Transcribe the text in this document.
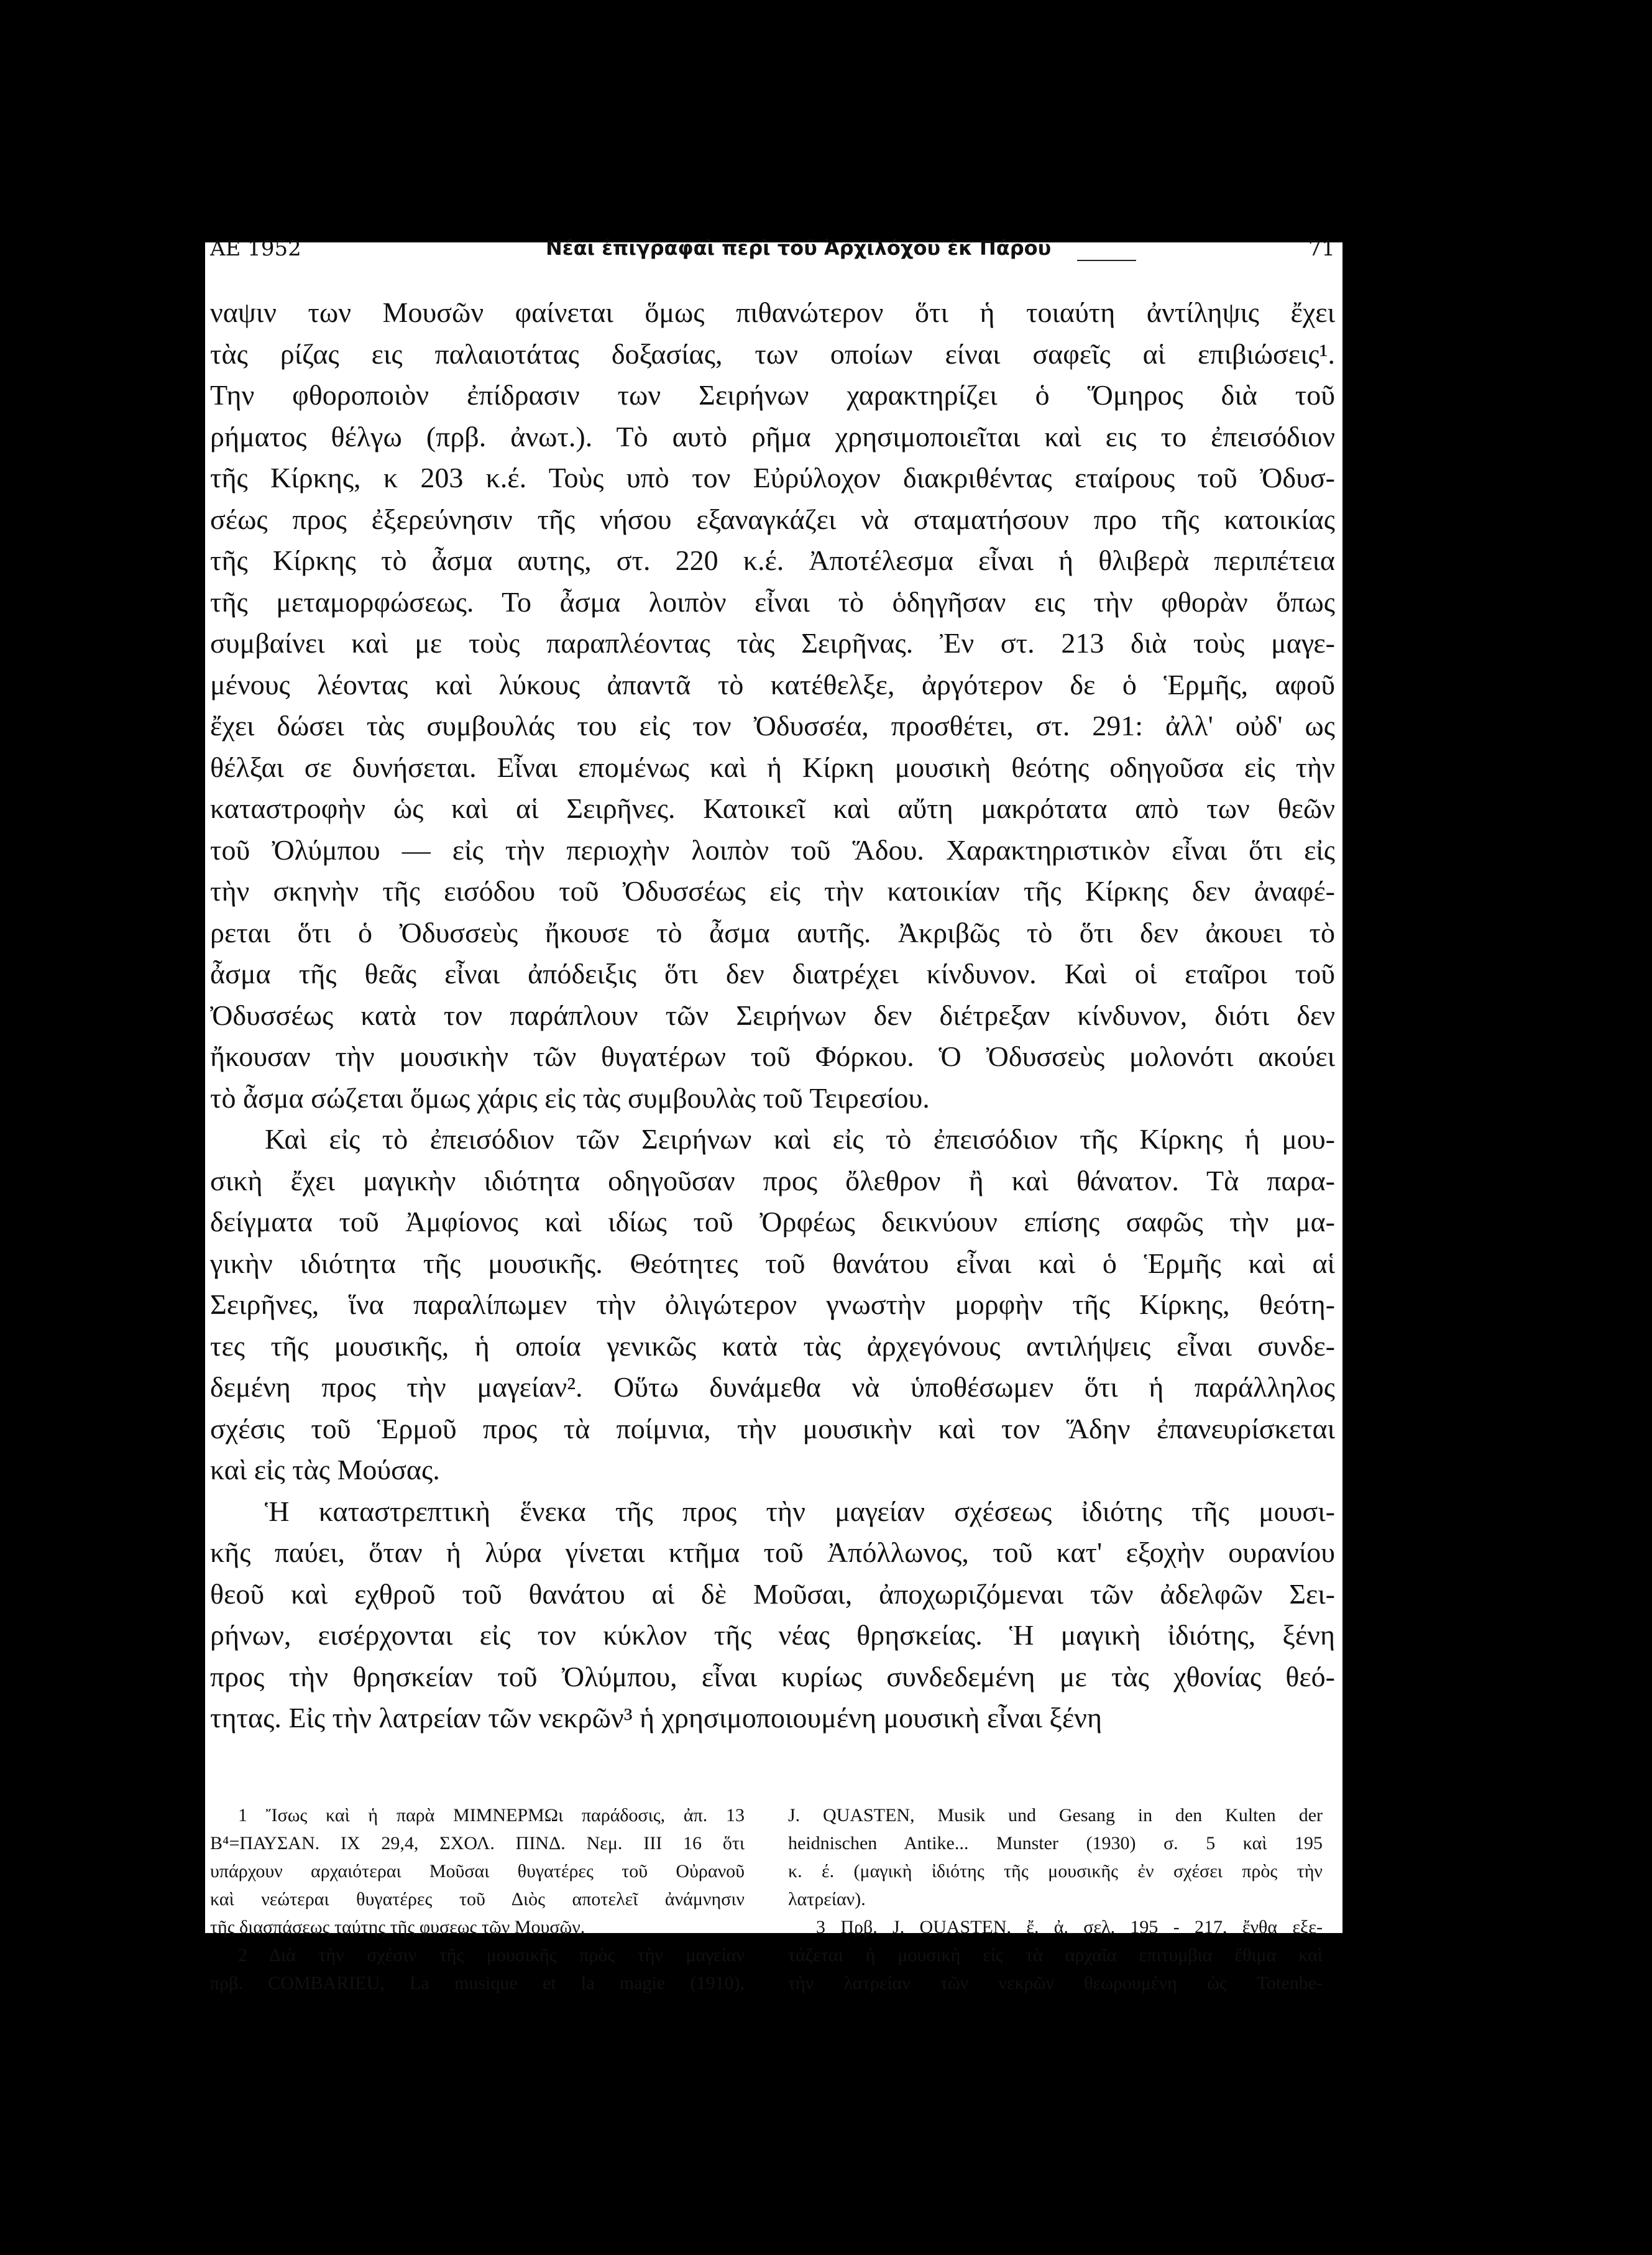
ΑΕ 1952	Νέαι ἐπιγραφαὶ περὶ τοῦ Ἀρχιλόχου ἐκ Πάρου	71
ναψιν των Μουσῶν φαίνεται ὅμως πιθανώτερον ὅτι ἡ τοιαύτη ἀντίληψις ἔχει
τὰς ρίζας εις παλαιοτάτας δοξασίας, των οποίων είναι σαφεῖς αἱ επιβιώσεις¹.
Την φθοροποιὸν ἐπίδρασιν των Σειρήνων χαρακτηρίζει ὁ Ὅμηρος διὰ τοῦ
ρήματος θέλγω (πρβ. ἀνωτ.). Τὸ αυτὸ ρῆμα χρησιμοποιεῖται καὶ εις το ἐπεισόδιον
τῆς Κίρκης, κ 203 κ.έ. Τοὺς υπὸ τον Εὐρύλοχον διακριθέντας εταίρους τοῦ Ὀδυσ-
σέως προς ἐξερεύνησιν τῆς νήσου εξαναγκάζει νὰ σταματήσουν προ τῆς κατοικίας
τῆς Κίρκης τὸ ἆσμα αυτης, στ. 220 κ.έ. Ἀποτέλεσμα εἶναι ἡ θλιβερὰ περιπέτεια
τῆς μεταμορφώσεως. Το ἆσμα λοιπὸν εἶναι τὸ ὁδηγῆσαν εις τὴν φθορὰν ὅπως
συμβαίνει καὶ με τοὺς παραπλέοντας τὰς Σειρῆνας. Ἐν στ. 213 διὰ τοὺς μαγε-
μένους λέοντας καὶ λύκους ἀπαντᾶ τὸ κατέθελξε, ἀργότερον δε ὁ Ἑρμῆς, αφοῦ
ἔχει δώσει τὰς συμβουλάς του εἰς τον Ὀδυσσέα, προσθέτει, στ. 291: ἀλλ' οὐδ' ως
θέλξαι σε δυνήσεται. Εἶναι επομένως καὶ ἡ Κίρκη μουσικὴ θεότης οδηγοῦσα εἰς τὴν
καταστροφὴν ὡς καὶ αἱ Σειρῆνες. Κατοικεῖ καὶ αὔτη μακρότατα απὸ των θεῶν
τοῦ Ὀλύμπου — εἰς τὴν περιοχὴν λοιπὸν τοῦ Ἅδου. Χαρακτηριστικὸν εἶναι ὅτι εἰς
τὴν σκηνὴν τῆς εισόδου τοῦ Ὀδυσσέως εἰς τὴν κατοικίαν τῆς Κίρκης δεν ἀναφέ-
ρεται ὅτι ὁ Ὀδυσσεὺς ἤκουσε τὸ ἆσμα αυτῆς. Ἀκριβῶς τὸ ὅτι δεν ἀκουει τὸ
ἆσμα τῆς θεᾶς εἶναι ἀπόδειξις ὅτι δεν διατρέχει κίνδυνον. Καὶ οἱ εταῖροι τοῦ
Ὀδυσσέως κατὰ τον παράπλουν τῶν Σειρήνων δεν διέτρεξαν κίνδυνον, διότι δεν
ἤκουσαν τὴν μουσικὴν τῶν θυγατέρων τοῦ Φόρκου. Ὁ Ὀδυσσεὺς μολονότι ακούει
τὸ ἆσμα σώζεται ὅμως χάρις εἰς τὰς συμβουλὰς τοῦ Τειρεσίου.
Καὶ εἰς τὸ ἐπεισόδιον τῶν Σειρήνων καὶ εἰς τὸ ἐπεισόδιον τῆς Κίρκης ἡ μου-
σικὴ ἔχει μαγικὴν ιδιότητα οδηγοῦσαν προς ὄλεθρον ἢ καὶ θάνατον. Τὰ παρα-
δείγματα τοῦ Ἀμφίονος καὶ ιδίως τοῦ Ὀρφέως δεικνύουν επίσης σαφῶς τὴν μα-
γικὴν ιδιότητα τῆς μουσικῆς. Θεότητες τοῦ θανάτου εἶναι καὶ ὁ Ἑρμῆς καὶ αἱ
Σειρῆνες, ἵνα παραλίπωμεν τὴν ὀλιγώτερον γνωστὴν μορφὴν τῆς Κίρκης, θεότη-
τες τῆς μουσικῆς, ἡ οποία γενικῶς κατὰ τὰς ἀρχεγόνους αντιλήψεις εἶναι συνδε-
δεμένη προς τὴν μαγείαν². Οὕτω δυνάμεθα νὰ ὑποθέσωμεν ὅτι ἡ παράλληλος
σχέσις τοῦ Ἑρμοῦ προς τὰ ποίμνια, τὴν μουσικὴν καὶ τον Ἅδην ἐπανευρίσκεται
καὶ εἰς τὰς Μούσας.
Ἡ καταστρεπτικὴ ἕνεκα τῆς προς τὴν μαγείαν σχέσεως ἰδιότης τῆς μουσι-
κῆς παύει, ὅταν ἡ λύρα γίνεται κτῆμα τοῦ Ἀπόλλωνος, τοῦ κατ' εξοχὴν ουρανίου
θεοῦ καὶ εχθροῦ τοῦ θανάτου αἱ δὲ Μοῦσαι, ἀποχωριζόμεναι τῶν ἀδελφῶν Σει-
ρήνων, εισέρχονται εἰς τον κύκλον τῆς νέας θρησκείας. Ἡ μαγικὴ ἰδιότης, ξένη
προς τὴν θρησκείαν τοῦ Ὀλύμπου, εἶναι κυρίως συνδεδεμένη με τὰς χθονίας θεό-
τητας. Εἰς τὴν λατρείαν τῶν νεκρῶν³ ἡ χρησιμοποιουμένη μουσικὴ εἶναι ξένη
1 Ἴσως καὶ ἡ παρὰ ΜΙΜΝΕΡΜΩι παράδοσις, ἀπ. 13
B⁴=ΠΑΥΣΑΝ. IX 29,4, ΣΧΟΛ. ΠΙΝΔ. Νεμ. III 16 ὅτι
υπάρχουν αρχαιότεραι Μοῦσαι θυγατέρες τοῦ Οὐρανοῦ
καὶ νεώτεραι θυγατέρες τοῦ Διὸς αποτελεῖ ἀνάμνησιν
τῆς διασπάσεως ταύτης τῆς φυσεως τῶν Μουσῶν.
2 Διὰ τὴν σχέσιν τῆς μουσικῆς πρὸς τὴν μαγείαν
πρβ. COMBARIEU, La musique et la magie (1910),
J. QUASTEN, Musik und Gesang in den Kulten der
heidnischen Antike... Munster (1930) σ. 5 καὶ 195
κ. έ. (μαγικὴ ἰδιότης τῆς μουσικῆς ἐν σχέσει πρὸς τὴν
λατρείαν).
3 Πρβ. J. QUASTEN, ἔ. ἀ. σελ. 195 - 217, ἔνθα εξε-
τάζεται ἡ μουσικὴ εἰς τὰ αρχαῖα επιτυμβια ἔθιμα καὶ
τὴν λατρείαν τῶν νεκρῶν θεωρουμένη ὡς Totenbe-
